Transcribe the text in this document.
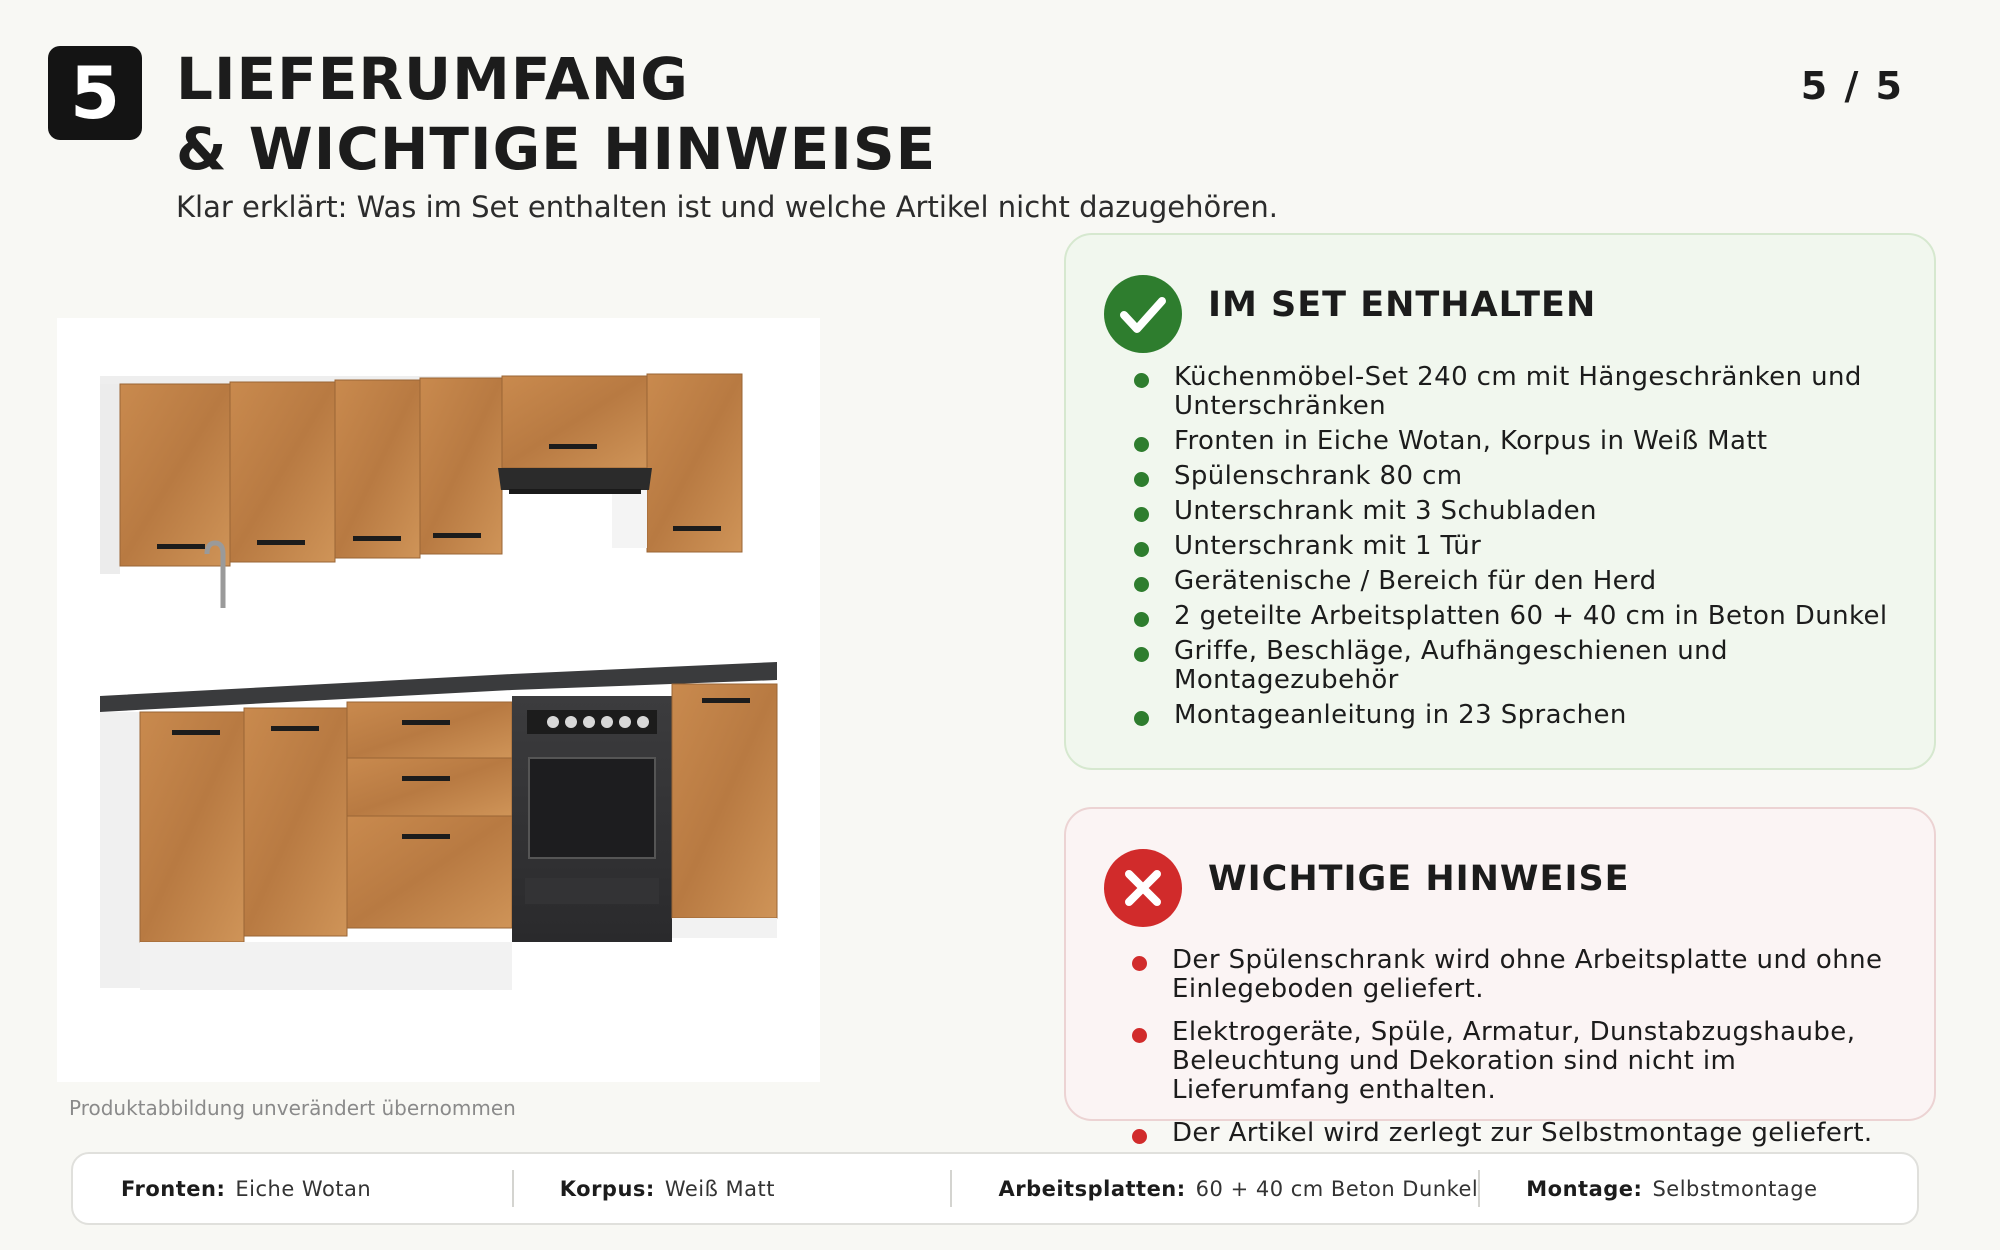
5 LIEFERUMFANG
& WICHTIGE HINWEISE
5 / 5
Klar erklärt: Was im Set enthalten ist und welche Artikel nicht dazugehören.
Produktabbildung unverändert übernommen
IM SET ENTHALTEN
Küchenmöbel-Set 240 cm mit Hängeschränken und Unterschränken
Fronten in Eiche Wotan, Korpus in Weiß Matt
Spülenschrank 80 cm
Unterschrank mit 3 Schubladen
Unterschrank mit 1 Tür
Gerätenische / Bereich für den Herd
2 geteilte Arbeitsplatten 60 + 40 cm in Beton Dunkel
Griffe, Beschläge, Aufhängeschienen und Montagezubehör
Montageanleitung in 23 Sprachen
WICHTIGE HINWEISE
Der Spülenschrank wird ohne Arbeitsplatte und ohne Einlegeboden geliefert.
Elektrogeräte, Spüle, Armatur, Dunstabzugshaube, Beleuchtung und Dekoration sind nicht im Lieferumfang enthalten.
Der Artikel wird zerlegt zur Selbstmontage geliefert.
Fronten: Eiche Wotan	Korpus: Weiß Matt	Arbeitsplatten: 60 + 40 cm Beton Dunkel Montage: Selbstmontage
